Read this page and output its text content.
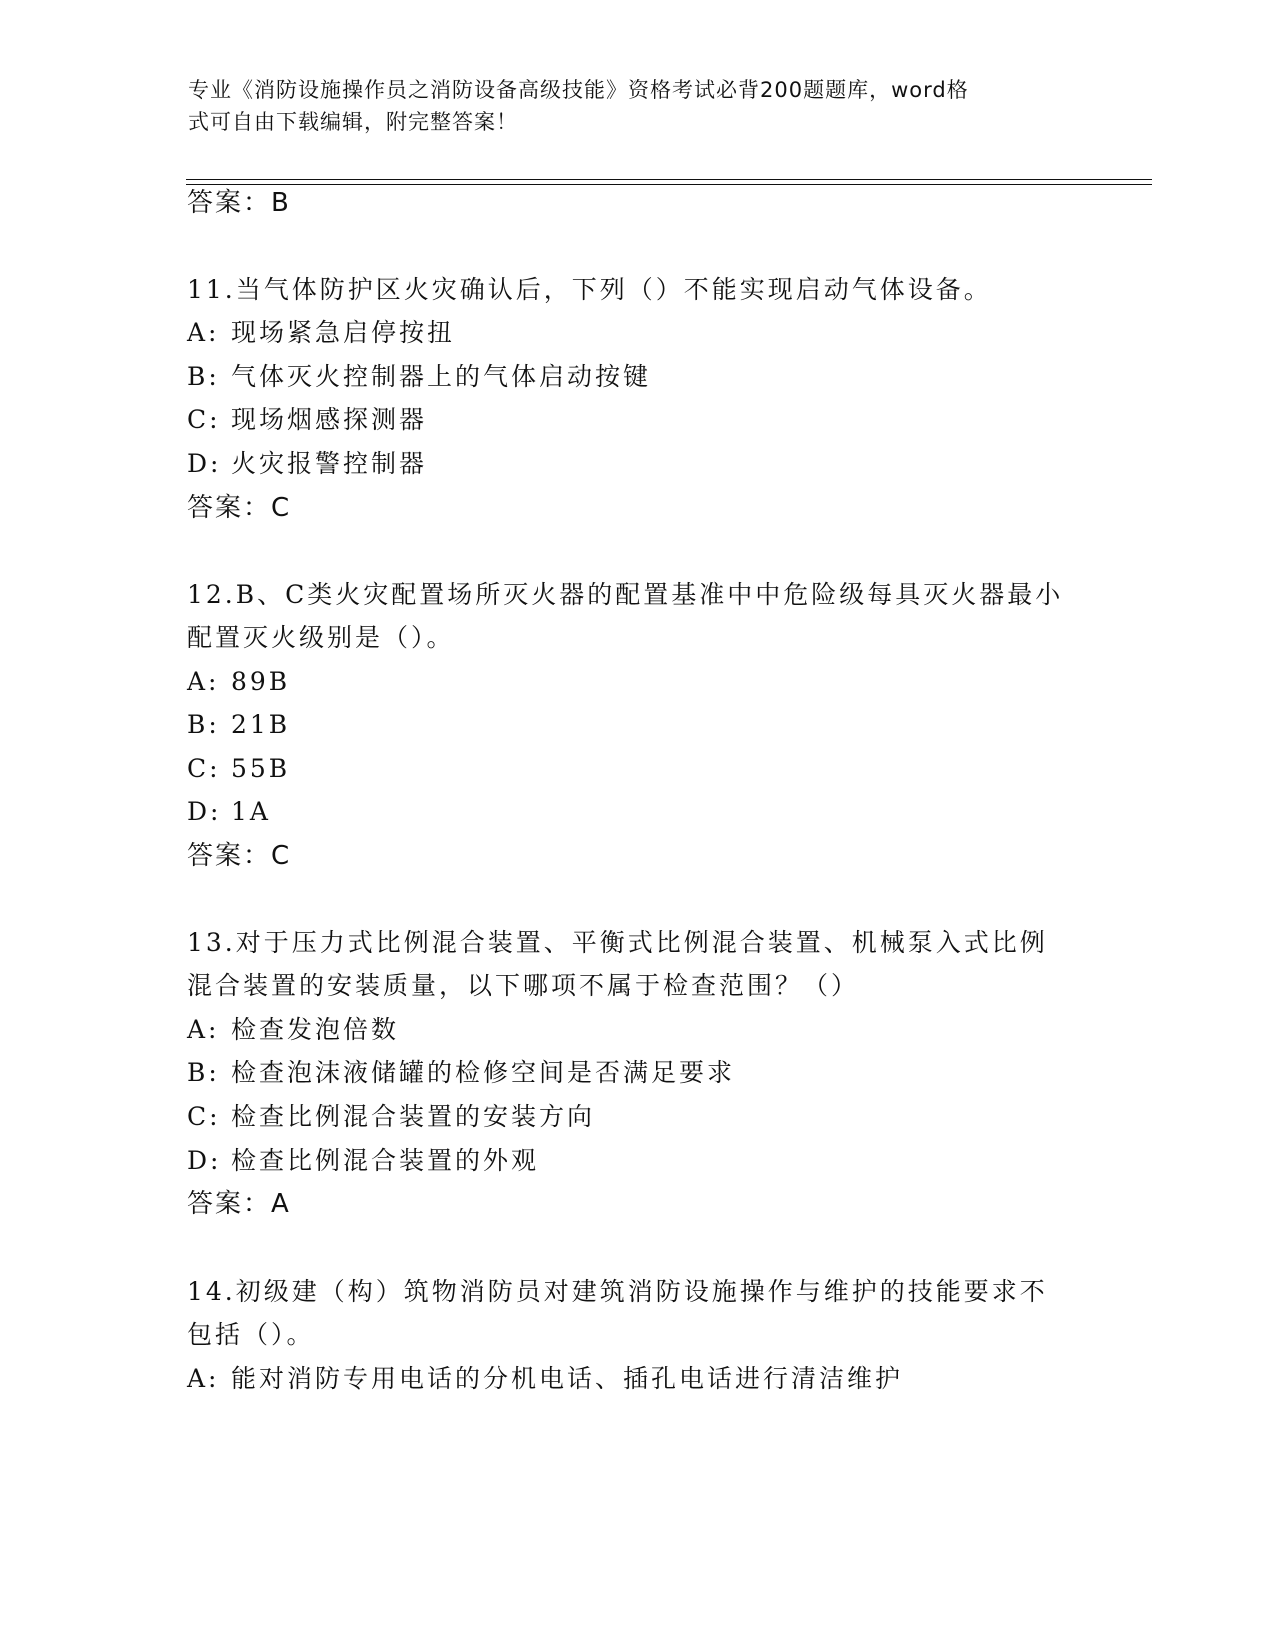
专业《消防设施操作员之消防设备高级技能》资格考试必背200题题库，word格
式可自由下载编辑，附完整答案！
答案：B
11.当气体防护区火灾确认后，下列（）不能实现启动气体设备。
A: 现场紧急启停按扭
B: 气体灭火控制器上的气体启动按键
C: 现场烟感探测器
D: 火灾报警控制器
答案：C
12.B、C类火灾配置场所灭火器的配置基准中中危险级每具灭火器最小
配置灭火级别是（）。
A: 89B
B: 21B
C: 55B
D: 1A
答案：C
13.对于压力式比例混合装置、平衡式比例混合装置、机械泵入式比例
混合装置的安装质量，以下哪项不属于检查范围？（）
A: 检查发泡倍数
B: 检查泡沫液储罐的检修空间是否满足要求
C: 检查比例混合装置的安装方向
D: 检查比例混合装置的外观
答案：A
14.初级建（构）筑物消防员对建筑消防设施操作与维护的技能要求不
包括（）。
A: 能对消防专用电话的分机电话、插孔电话进行清洁维护
